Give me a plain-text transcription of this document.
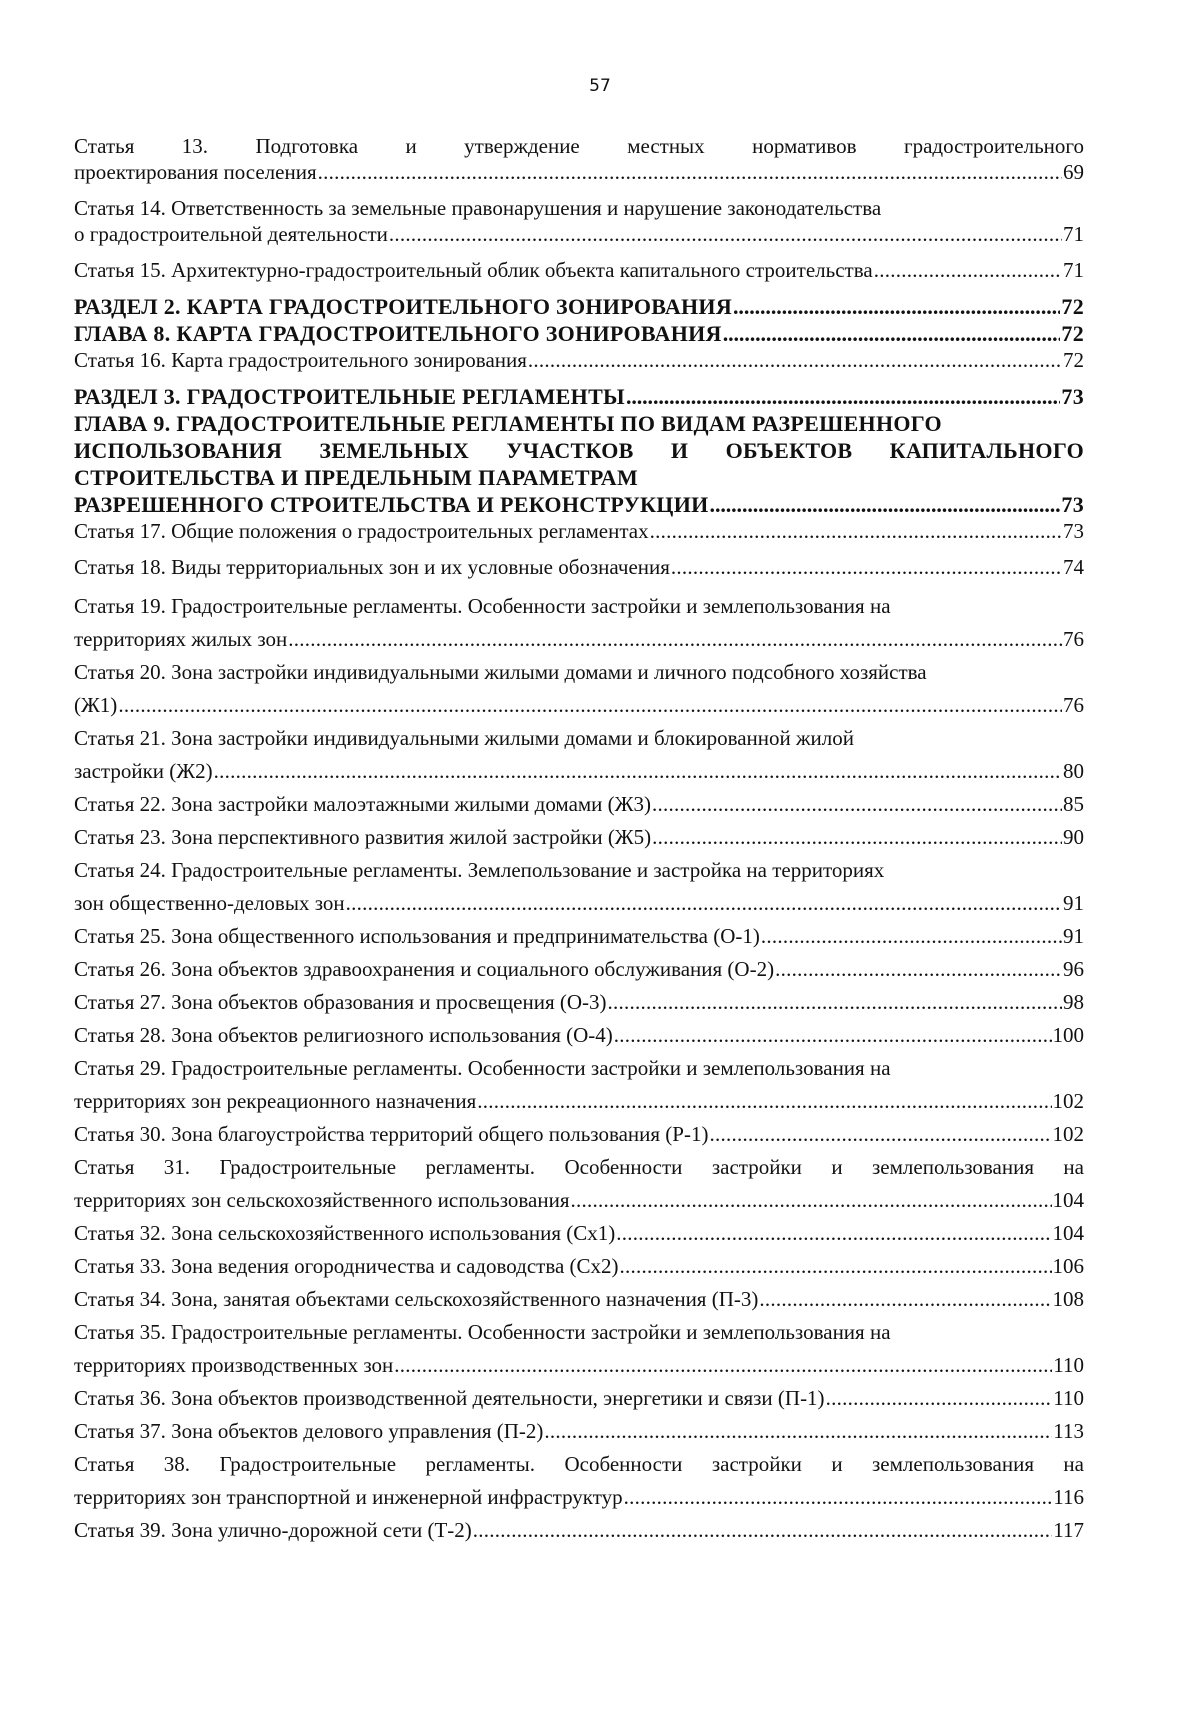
57
Статья 13. Подготовка и утверждение местных нормативов градостроительного
проектирования поселения . . .	69
Статья 14. Ответственность за земельные правонарушения и нарушение законодательства
о градостроительной деятельности . . .	71
Статья 15. Архитектурно-градостроительный облик объекта капитального строительства . . .	71
РАЗДЕЛ 2. КАРТА ГРАДОСТРОИТЕЛЬНОГО ЗОНИРОВАНИЯ . . .	72
ГЛАВА 8. КАРТА ГРАДОСТРОИТЕЛЬНОГО ЗОНИРОВАНИЯ . . .	72
Статья 16. Карта градостроительного зонирования . . .	72
РАЗДЕЛ 3. ГРАДОСТРОИТЕЛЬНЫЕ РЕГЛАМЕНТЫ . . .	73
ГЛАВА 9. ГРАДОСТРОИТЕЛЬНЫЕ РЕГЛАМЕНТЫ ПО ВИДАМ РАЗРЕШЕННОГО
ИСПОЛЬЗОВАНИЯ ЗЕМЕЛЬНЫХ УЧАСТКОВ И ОБЪЕКТОВ КАПИТАЛЬНОГО
СТРОИТЕЛЬСТВА И ПРЕДЕЛЬНЫМ ПАРАМЕТРАМ
РАЗРЕШЕННОГО СТРОИТЕЛЬСТВА И РЕКОНСТРУКЦИИ . . .	73
Статья 17. Общие положения о градостроительных регламентах . . .	73
Статья 18. Виды территориальных зон и их условные обозначения . . .	74
Статья 19. Градостроительные регламенты. Особенности застройки и землепользования на
территориях жилых зон . . .	76
Статья 20. Зона застройки индивидуальными жилыми домами и личного подсобного хозяйства
(Ж1) . . .	76
Статья 21. Зона застройки индивидуальными жилыми домами и блокированной жилой
застройки (Ж2) . . .	80
Статья 22. Зона застройки малоэтажными жилыми домами (Ж3) . . .	85
Статья 23. Зона перспективного развития жилой застройки (Ж5) . . .	90
Статья 24. Градостроительные регламенты. Землепользование и застройка на территориях
зон общественно-деловых зон . . .	91
Статья 25. Зона общественного использования и предпринимательства (О-1) . . .	91
Статья 26. Зона объектов здравоохранения и социального обслуживания (О-2) . . .	96
Статья 27. Зона объектов образования и просвещения (О-3) . . .	98
Статья 28. Зона объектов религиозного использования (О-4) . . .	100
Статья 29. Градостроительные регламенты. Особенности застройки и землепользования на
территориях зон рекреационного назначения . . .	102
Статья 30. Зона благоустройства территорий общего пользования (Р-1) . . .	102
Статья 31. Градостроительные регламенты. Особенности застройки и землепользования на
территориях зон сельскохозяйственного использования . . .	104
Статья 32. Зона сельскохозяйственного использования (Сх1) . . .	104
Статья 33. Зона ведения огородничества и садоводства (Сх2) . . .	106
Статья 34. Зона, занятая объектами сельскохозяйственного назначения (П-3) . . .	108
Статья 35. Градостроительные регламенты. Особенности застройки и землепользования на
территориях производственных зон . . .	110
Статья 36. Зона объектов производственной деятельности, энергетики и связи (П-1) . . .	110
Статья 37. Зона объектов делового управления (П-2) . . .	113
Статья 38. Градостроительные регламенты. Особенности застройки и землепользования на
территориях зон транспортной и инженерной инфраструктур . . .	116
Статья 39. Зона улично-дорожной сети (Т-2) . . .	117
